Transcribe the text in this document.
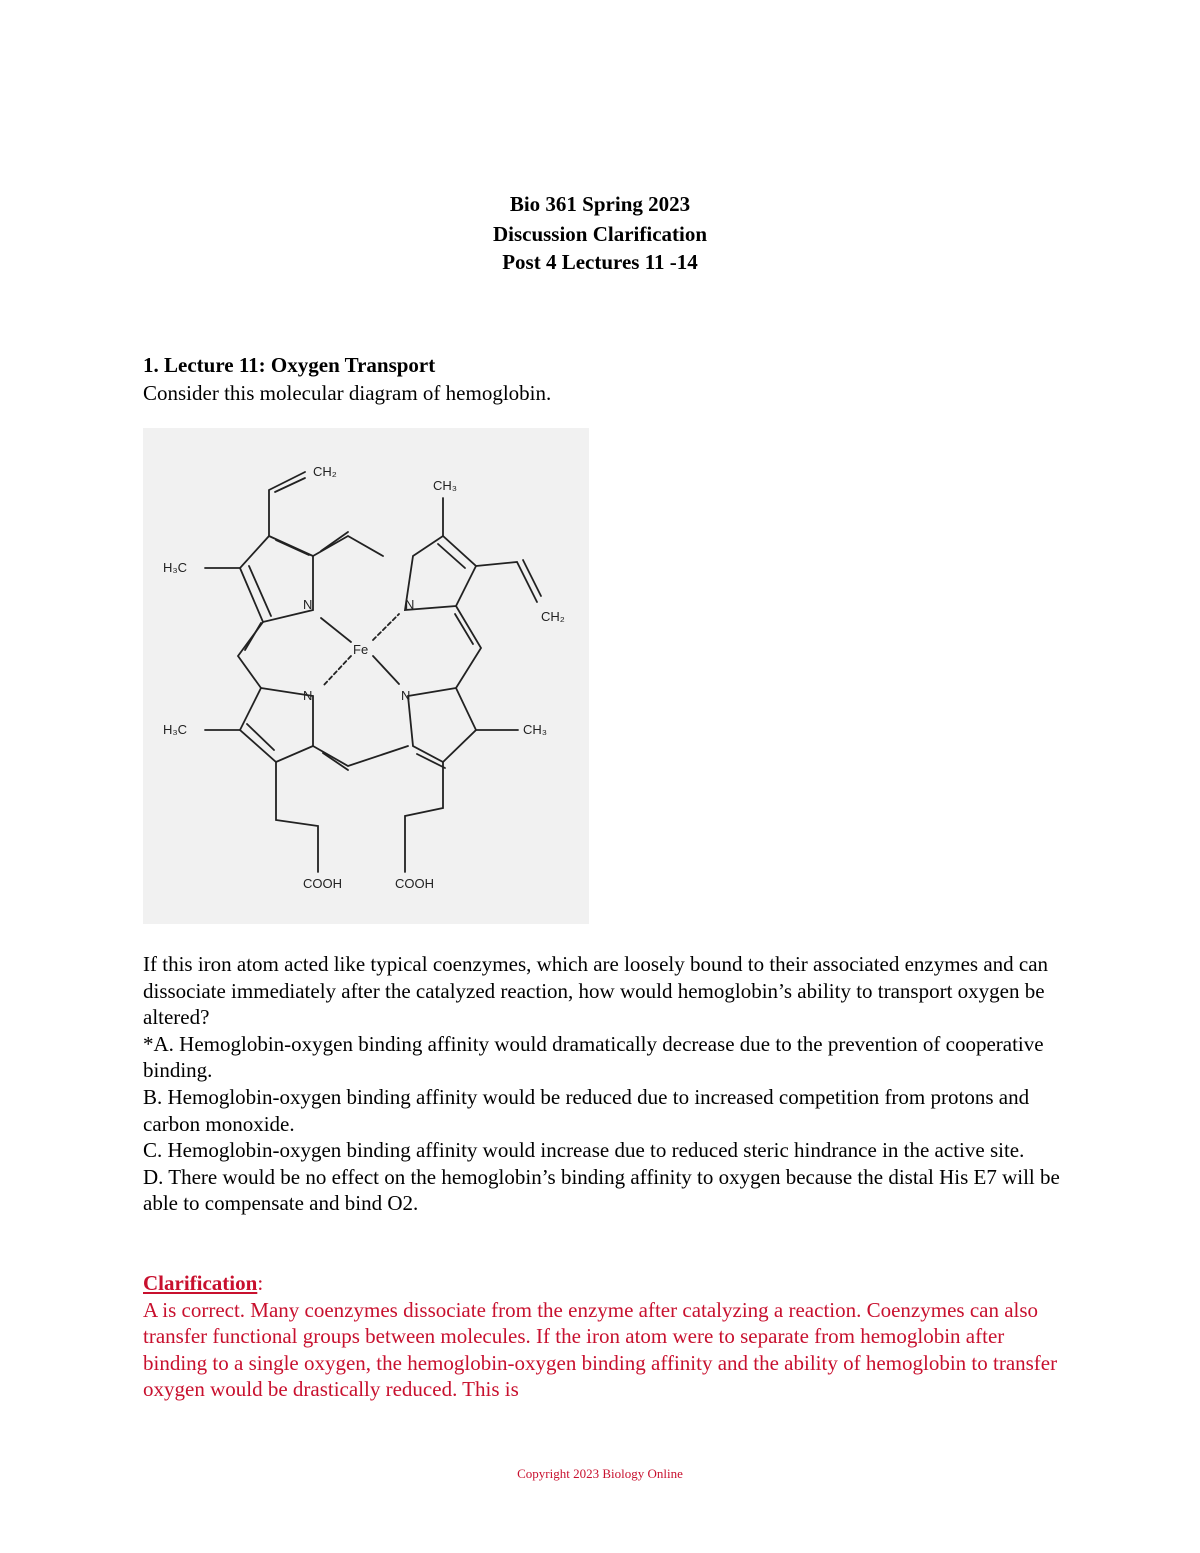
Bio 361 Spring 2023
Discussion Clarification
Post 4 Lectures 11 -14
1. Lecture 11: Oxygen Transport
Consider this molecular diagram of hemoglobin.
CH₂
CH₃
H₃C
CH₂
N	N
Fe
N	N
H₃C	CH₃
COOH	COOH

If this iron atom acted like typical coenzymes, which are loosely bound to their associated enzymes and can dissociate immediately after the catalyzed reaction, how would hemoglobin’s ability to transport oxygen be altered?

*A. Hemoglobin-oxygen binding affinity would dramatically decrease due to the prevention of cooperative binding.

B. Hemoglobin-oxygen binding affinity would be reduced due to increased competition from protons and carbon monoxide.

C. Hemoglobin-oxygen binding affinity would increase due to reduced steric hindrance in the active site.

D. There would be no effect on the hemoglobin’s binding affinity to oxygen because the distal His E7 will be able to compensate and bind O2.

Clarification:
A is correct. Many coenzymes dissociate from the enzyme after catalyzing a reaction. Coenzymes can also transfer functional groups between molecules. If the iron atom were to separate from hemoglobin after binding to a single oxygen, the hemoglobin-oxygen binding affinity and the ability of hemoglobin to transfer oxygen would be drastically reduced. This is
Copyright 2023 Biology Online
